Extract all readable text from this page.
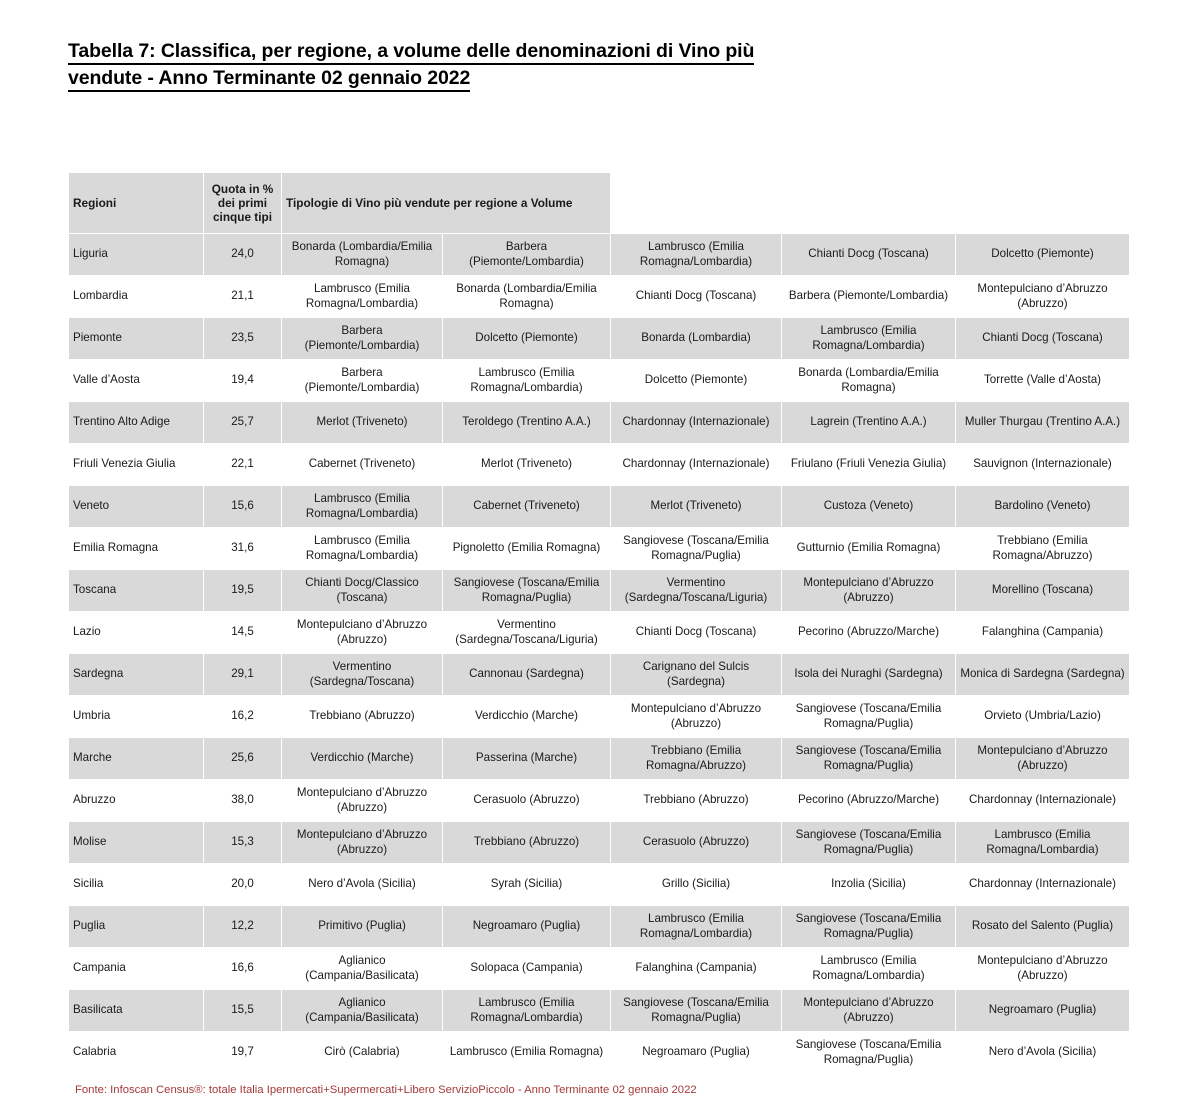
Tabella 7: Classifica, per regione, a volume delle denominazioni di Vino più
vendute - Anno Terminante 02 gennaio 2022
Regioni	Quota in % dei primi cinque tipi	Tipologie di Vino più vendute per regione a Volume				
Liguria	24,0	Bonarda (Lombardia/Emilia Romagna)	Barbera (Piemonte/Lombardia)	Lambrusco (Emilia Romagna/Lombardia)	Chianti Docg (Toscana)	Dolcetto (Piemonte)
Lombardia	21,1	Lambrusco (Emilia Romagna/Lombardia)	Bonarda (Lombardia/Emilia Romagna)	Chianti Docg (Toscana)	Barbera (Piemonte/Lombardia)	Montepulciano d’Abruzzo (Abruzzo)
Piemonte	23,5	Barbera (Piemonte/Lombardia)	Dolcetto (Piemonte)	Bonarda (Lombardia)	Lambrusco (Emilia Romagna/Lombardia)	Chianti Docg (Toscana)
Valle d’Aosta	19,4	Barbera (Piemonte/Lombardia)	Lambrusco (Emilia Romagna/Lombardia)	Dolcetto (Piemonte)	Bonarda (Lombardia/Emilia Romagna)	Torrette (Valle d’Aosta)
Trentino Alto Adige	25,7	Merlot (Triveneto)	Teroldego (Trentino A.A.)	Chardonnay (Internazionale)	Lagrein (Trentino A.A.)	Muller Thurgau (Trentino A.A.)
Friuli Venezia Giulia	22,1	Cabernet (Triveneto)	Merlot (Triveneto)	Chardonnay (Internazionale)	Friulano (Friuli Venezia Giulia)	Sauvignon (Internazionale)
Veneto	15,6	Lambrusco (Emilia Romagna/Lombardia)	Cabernet (Triveneto)	Merlot (Triveneto)	Custoza (Veneto)	Bardolino (Veneto)
Emilia Romagna	31,6	Lambrusco (Emilia Romagna/Lombardia)	Pignoletto (Emilia Romagna)	Sangiovese (Toscana/Emilia Romagna/Puglia)	Gutturnio (Emilia Romagna)	Trebbiano (Emilia Romagna/Abruzzo)
Toscana	19,5	Chianti Docg/Classico (Toscana)	Sangiovese (Toscana/Emilia Romagna/Puglia)	Vermentino (Sardegna/Toscana/Liguria)	Montepulciano d’Abruzzo (Abruzzo)	Morellino (Toscana)
Lazio	14,5	Montepulciano d’Abruzzo (Abruzzo)	Vermentino (Sardegna/Toscana/Liguria)	Chianti Docg (Toscana)	Pecorino (Abruzzo/Marche)	Falanghina (Campania)
Sardegna	29,1	Vermentino (Sardegna/Toscana)	Cannonau (Sardegna)	Carignano del Sulcis (Sardegna)	Isola dei Nuraghi (Sardegna)	Monica di Sardegna (Sardegna)
Umbria	16,2	Trebbiano (Abruzzo)	Verdicchio (Marche)	Montepulciano d’Abruzzo (Abruzzo)	Sangiovese (Toscana/Emilia Romagna/Puglia)	Orvieto (Umbria/Lazio)
Marche	25,6	Verdicchio (Marche)	Passerina (Marche)	Trebbiano (Emilia Romagna/Abruzzo)	Sangiovese (Toscana/Emilia Romagna/Puglia)	Montepulciano d’Abruzzo (Abruzzo)
Abruzzo	38,0	Montepulciano d’Abruzzo (Abruzzo)	Cerasuolo (Abruzzo)	Trebbiano (Abruzzo)	Pecorino (Abruzzo/Marche)	Chardonnay (Internazionale)
Molise	15,3	Montepulciano d’Abruzzo (Abruzzo)	Trebbiano (Abruzzo)	Cerasuolo (Abruzzo)	Sangiovese (Toscana/Emilia Romagna/Puglia)	Lambrusco (Emilia Romagna/Lombardia)
Sicilia	20,0	Nero d’Avola (Sicilia)	Syrah (Sicilia)	Grillo (Sicilia)	Inzolia (Sicilia)	Chardonnay (Internazionale)
Puglia	12,2	Primitivo (Puglia)	Negroamaro (Puglia)	Lambrusco (Emilia Romagna/Lombardia)	Sangiovese (Toscana/Emilia Romagna/Puglia)	Rosato del Salento (Puglia)
Campania	16,6	Aglianico (Campania/Basilicata)	Solopaca (Campania)	Falanghina (Campania)	Lambrusco (Emilia Romagna/Lombardia)	Montepulciano d’Abruzzo (Abruzzo)
Basilicata	15,5	Aglianico (Campania/Basilicata)	Lambrusco (Emilia Romagna/Lombardia)	Sangiovese (Toscana/Emilia Romagna/Puglia)	Montepulciano d’Abruzzo (Abruzzo)	Negroamaro (Puglia)
Calabria	19,7	Cirò (Calabria)	Lambrusco (Emilia Romagna)	Negroamaro (Puglia)	Sangiovese (Toscana/Emilia Romagna/Puglia)	Nero d’Avola (Sicilia)
Fonte: Infoscan Census®: totale Italia Ipermercati+Supermercati+Libero ServizioPiccolo - Anno Terminante 02 gennaio 2022						
